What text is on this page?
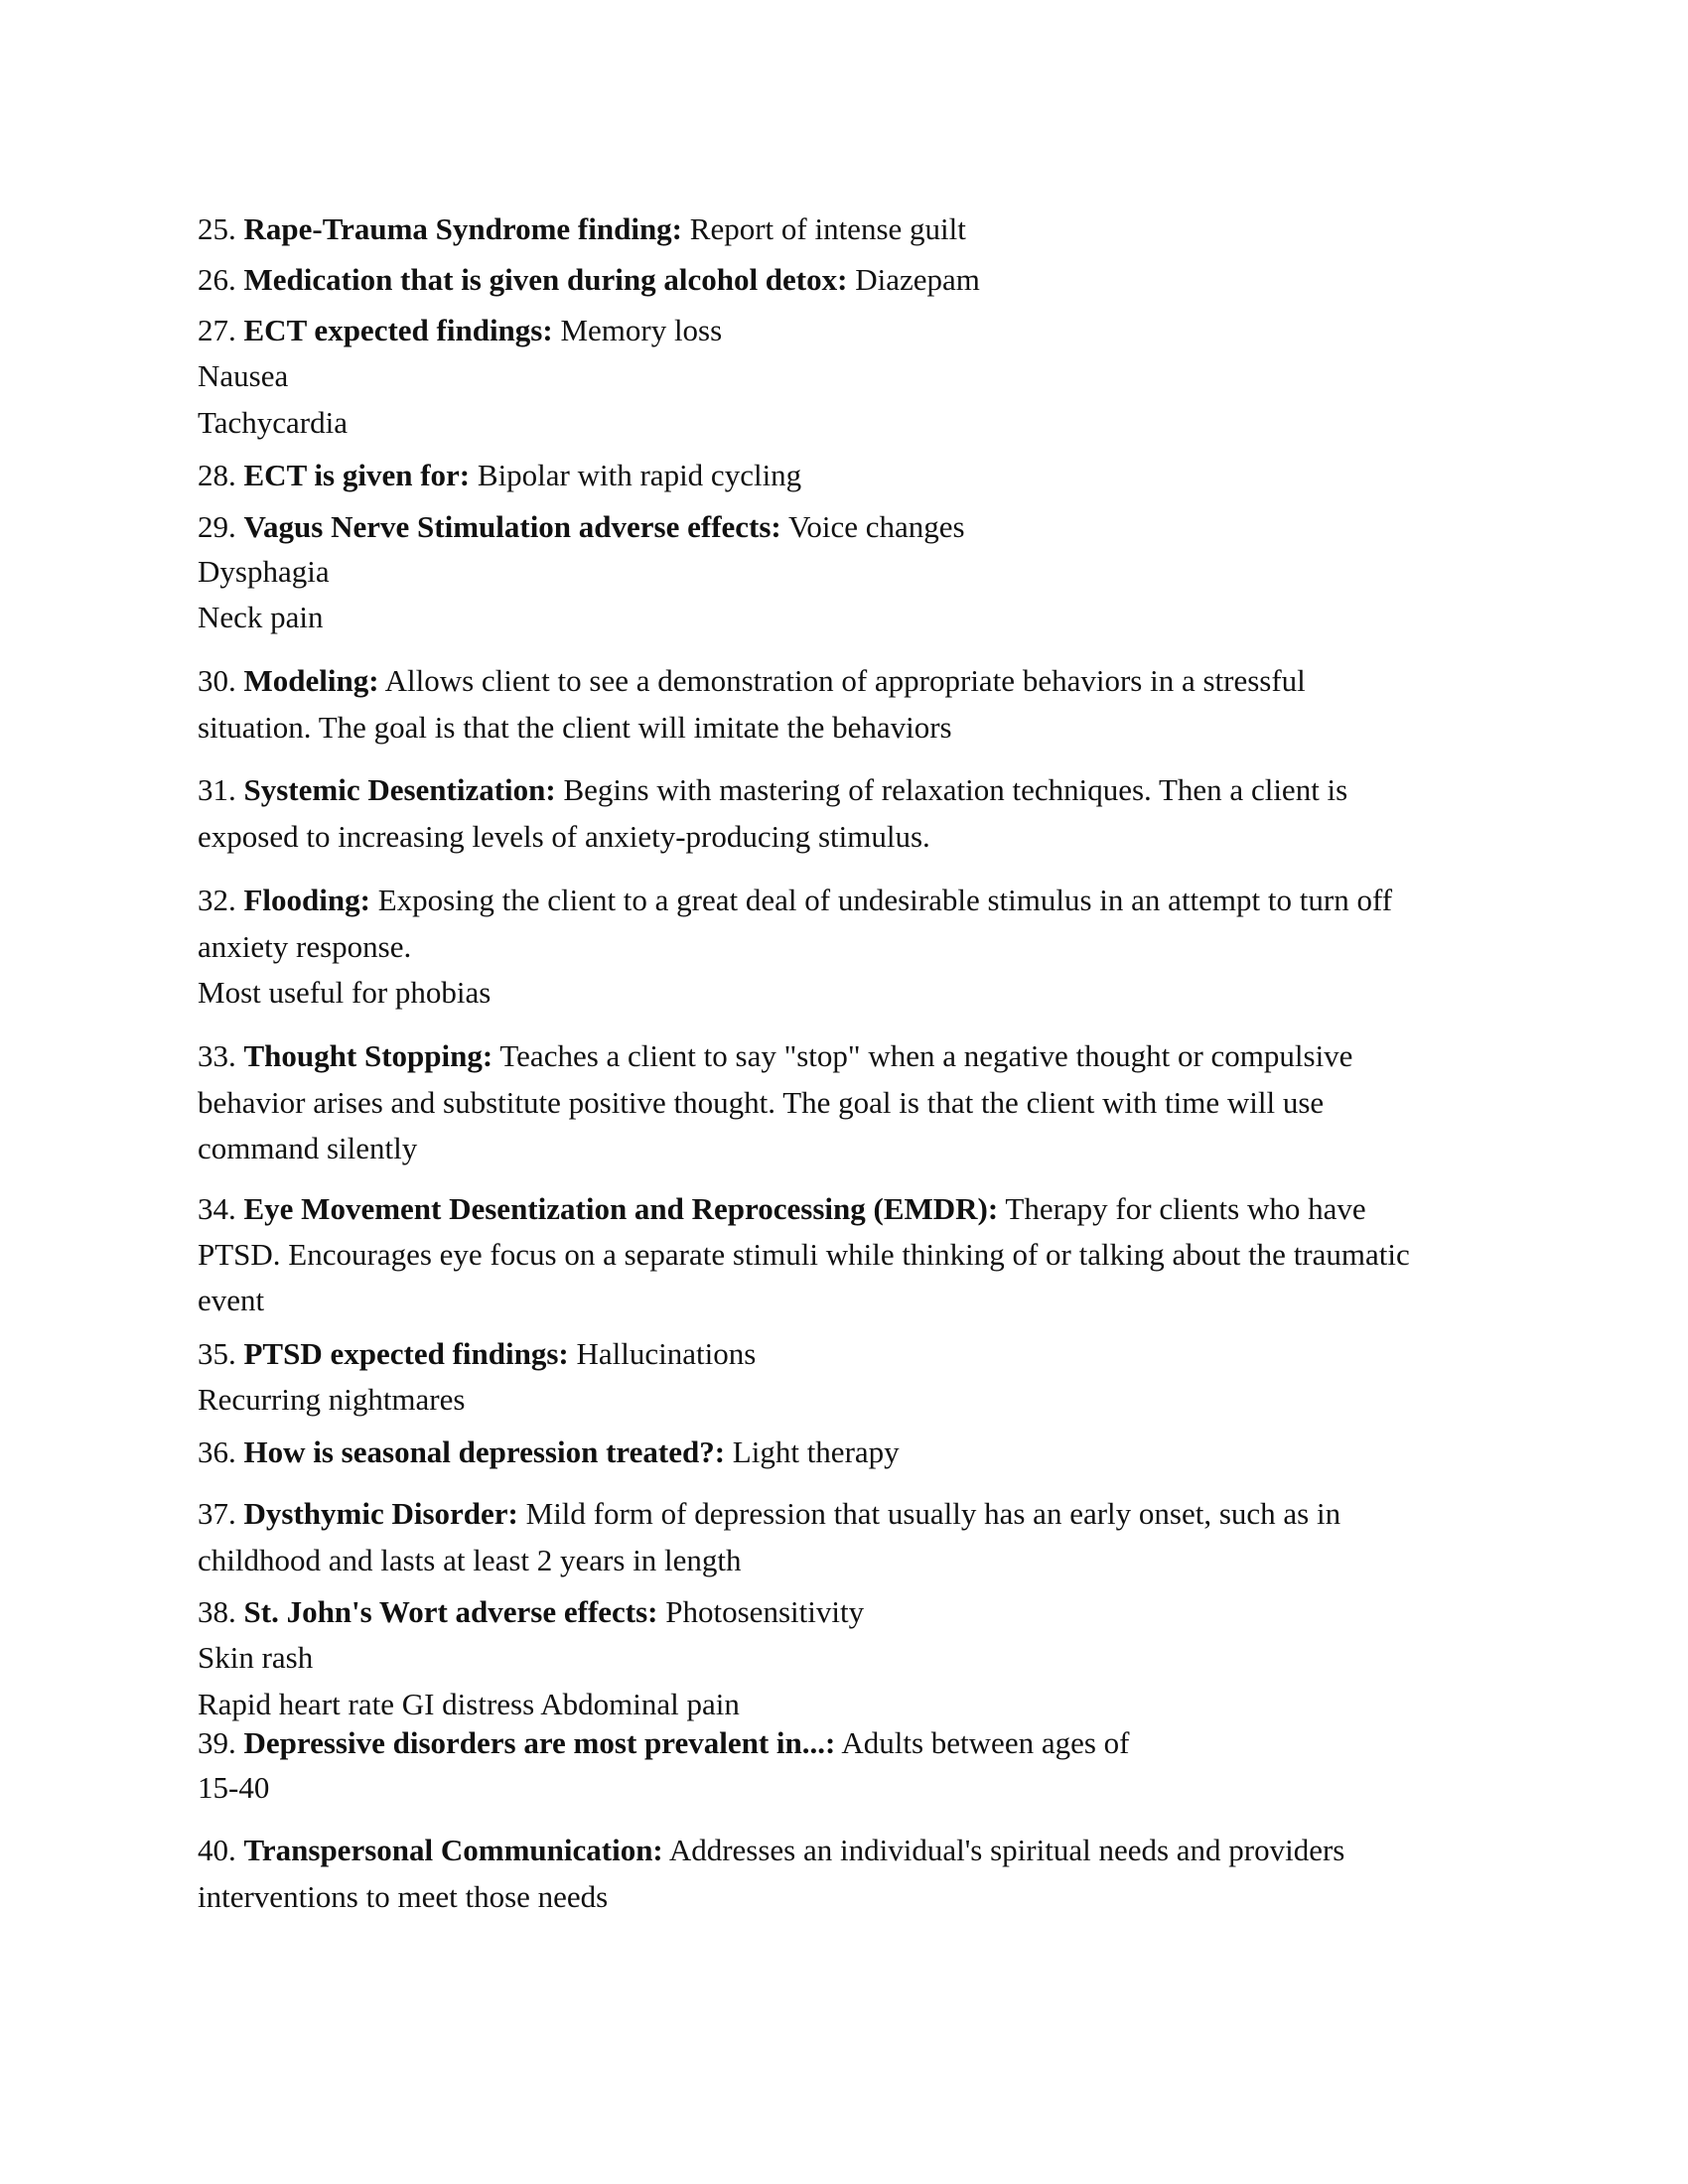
25. Rape-Trauma Syndrome finding: Report of intense guilt
26. Medication that is given during alcohol detox: Diazepam
27. ECT expected findings: Memory loss
Nausea
Tachycardia
28. ECT is given for: Bipolar with rapid cycling
29. Vagus Nerve Stimulation adverse effects: Voice changes
Dysphagia
Neck pain
30. Modeling: Allows client to see a demonstration of appropriate behaviors in a stressful
situation. The goal is that the client will imitate the behaviors
31. Systemic Desentization: Begins with mastering of relaxation techniques. Then a client is
exposed to increasing levels of anxiety-producing stimulus.
32. Flooding: Exposing the client to a great deal of undesirable stimulus in an attempt to turn off
anxiety response.
Most useful for phobias
33. Thought Stopping: Teaches a client to say "stop" when a negative thought or compulsive
behavior arises and substitute positive thought. The goal is that the client with time will use
command silently
34. Eye Movement Desentization and Reprocessing (EMDR): Therapy for clients who have
PTSD. Encourages eye focus on a separate stimuli while thinking of or talking about the traumatic
event
35. PTSD expected findings: Hallucinations
Recurring nightmares
36. How is seasonal depression treated?: Light therapy
37. Dysthymic Disorder: Mild form of depression that usually has an early onset, such as in
childhood and lasts at least 2 years in length
38. St. John's Wort adverse effects: Photosensitivity
Skin rash
Rapid heart rate GI distress Abdominal pain
39. Depressive disorders are most prevalent in...: Adults between ages of
15-40
40. Transpersonal Communication: Addresses an individual's spiritual needs and providers
interventions to meet those needs
